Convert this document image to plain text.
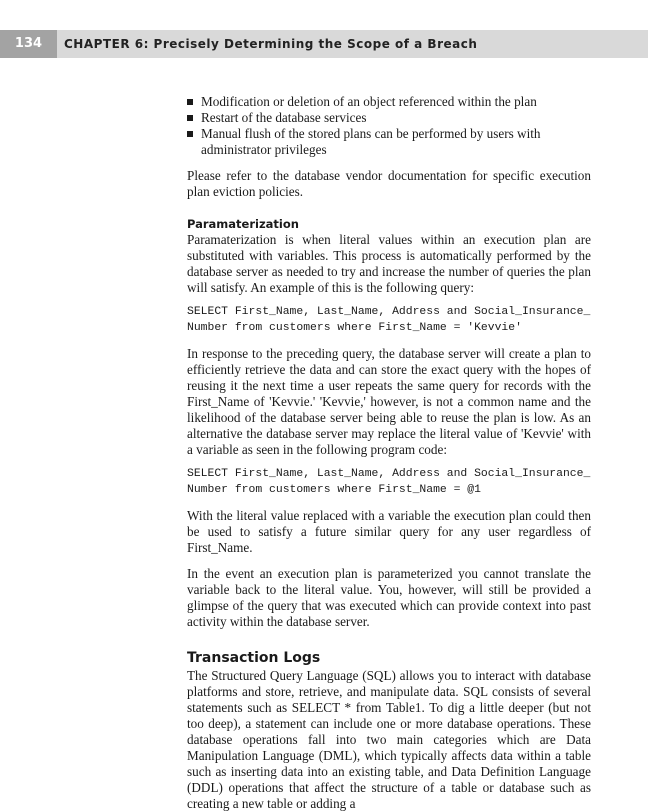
134	CHAPTER 6: Precisely Determining the Scope of a Breach
Modification or deletion of an object referenced within the plan
Restart of the database services
Manual flush of the stored plans can be performed by users with administrator privileges

Please refer to the database vendor documentation for specific execution plan eviction policies.

Paramaterization

Paramaterization is when literal values within an execution plan are substituted with variables. This process is automatically performed by the database server as needed to try and increase the number of queries the plan will satisfy. An example of this is the following query:

SELECT First_Name, Last_Name, Address and Social_Insurance_
Number from customers where First_Name = 'Kevvie'

In response to the preceding query, the database server will create a plan to efficiently retrieve the data and can store the exact query with the hopes of reusing it the next time a user repeats the same query for records with the First_Name of 'Kevvie.' 'Kevvie,' however, is not a common name and the likelihood of the database server being able to reuse the plan is low. As an alternative the database server may replace the literal value of 'Kevvie' with a variable as seen in the following program code:

SELECT First_Name, Last_Name, Address and Social_Insurance_
Number from customers where First_Name = @1

With the literal value replaced with a variable the execution plan could then be used to satisfy a future similar query for any user regardless of First_Name.

In the event an execution plan is parameterized you cannot translate the variable back to the literal value. You, however, will still be provided a glimpse of the query that was executed which can provide context into past activity within the database server.

Transaction Logs

The Structured Query Language (SQL) allows you to interact with database platforms and store, retrieve, and manipulate data. SQL consists of several statements such as SELECT * from Table1. To dig a little deeper (but not too deep), a statement can include one or more database operations. These database operations fall into two main categories which are Data Manipulation Language (DML), which typically affects data within a table such as inserting data into an existing table, and Data Definition Language (DDL) operations that affect the structure of a table or database such as creating a new table or adding a
